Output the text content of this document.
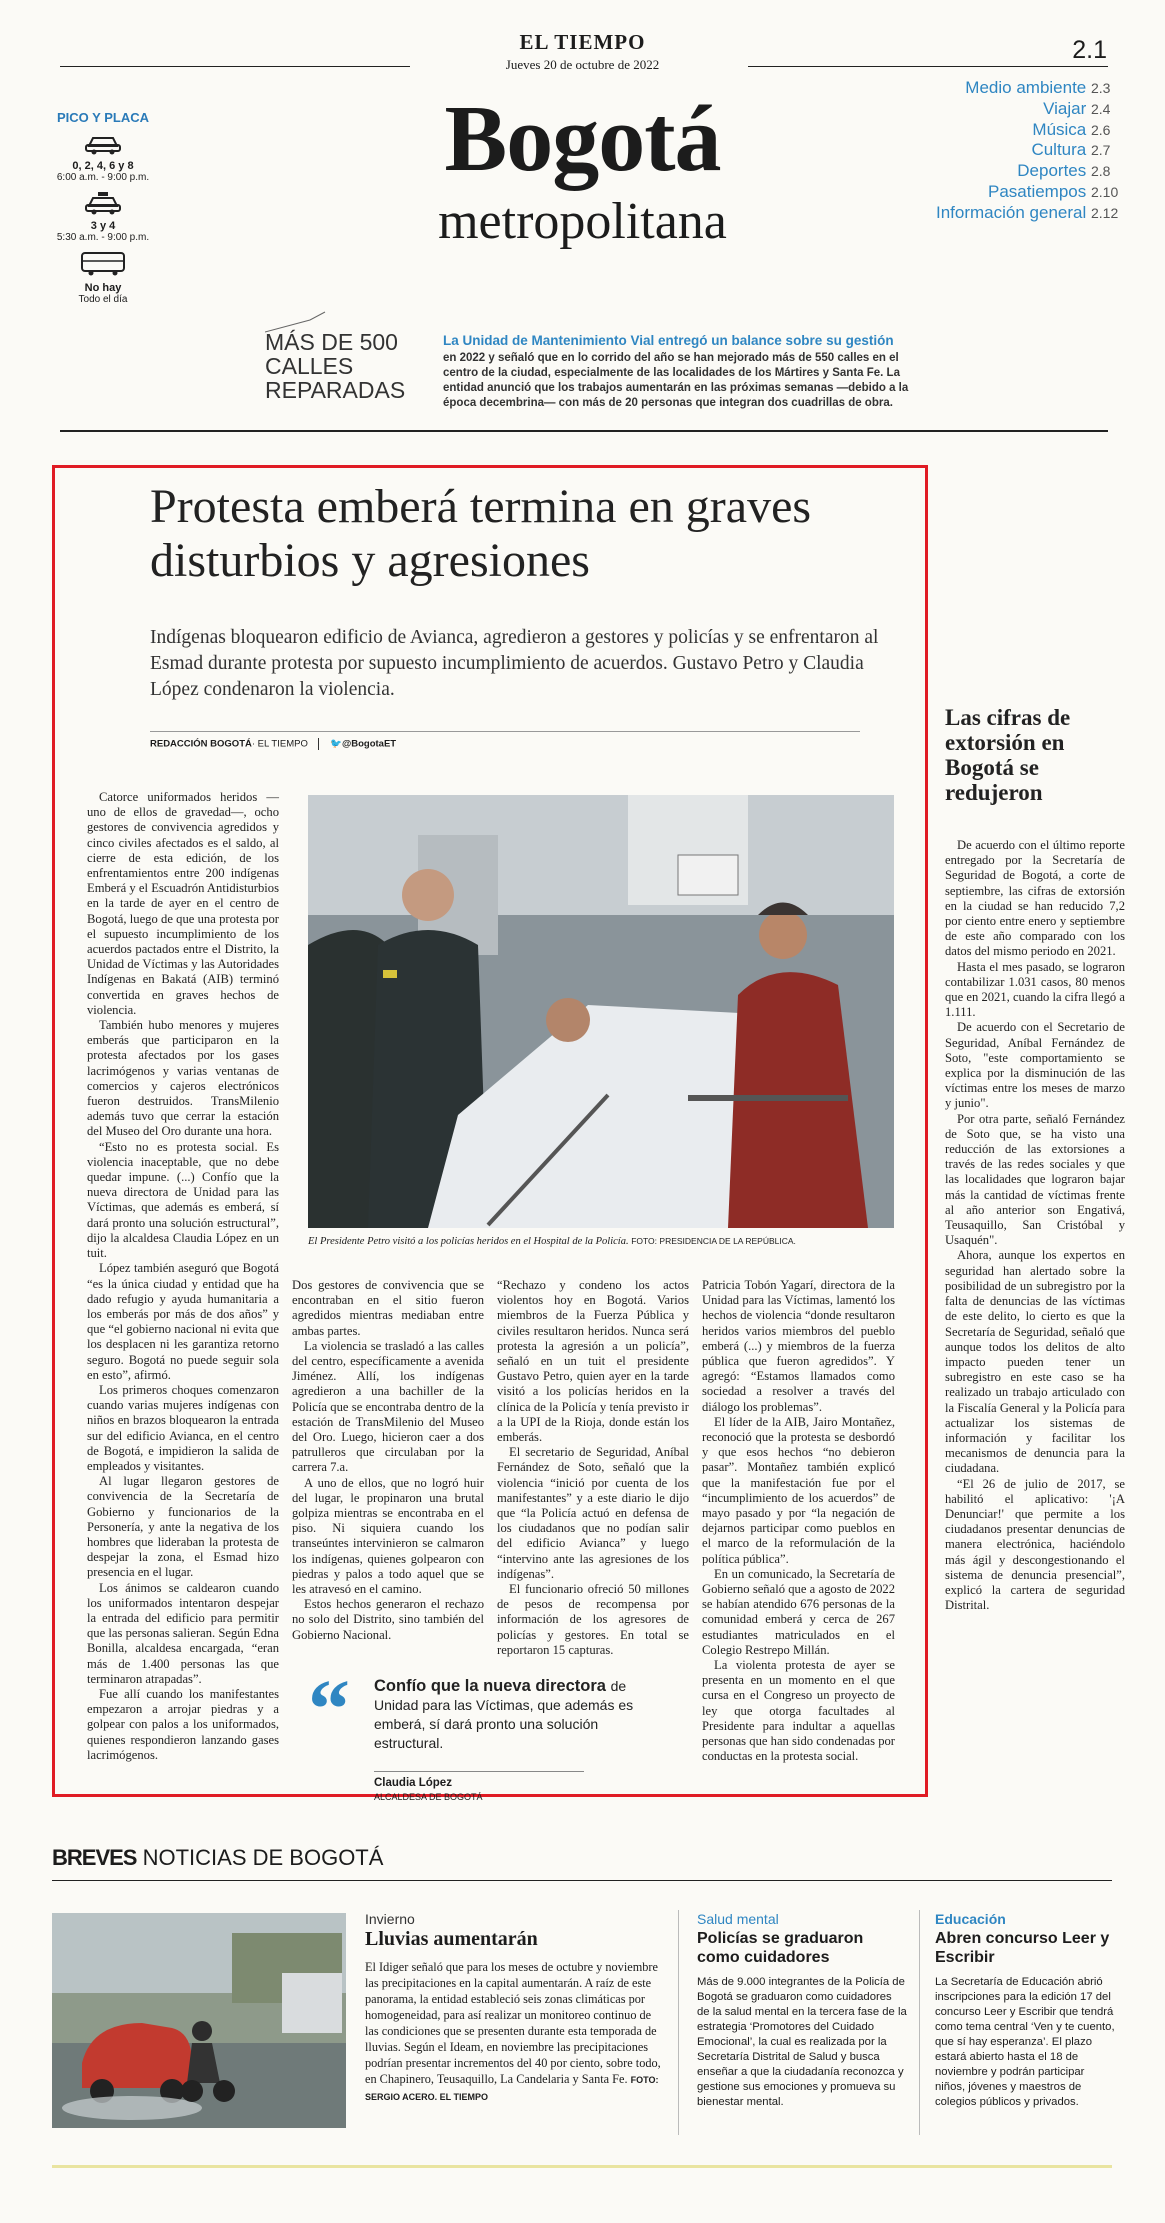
EL TIEMPO
Jueves 20 de octubre de 2022
2.1
Bogotá
metropolitana
PICO Y PLACA
0, 2, 4, 6 y 8
6:00 a.m. - 9:00 p.m.
3 y 4
5:30 a.m. - 9:00 p.m.
No hay
Todo el día
Medio ambiente 2.3
Viajar 2.4
Música 2.6
Cultura 2.7
Deportes 2.8
Pasatiempos 2.10
Información general 2.12
MÁS DE 500
CALLES
REPARADAS
La Unidad de Mantenimiento Vial entregó un balance sobre su gestión
en 2022 y señaló que en lo corrido del año se han mejorado más de 550 calles en el centro de la ciudad, especialmente de las localidades de los Mártires y Santa Fe. La entidad anunció que los trabajos aumentarán en las próximas semanas —debido a la época decembrina— con más de 20 personas que integran dos cuadrillas de obra.
Protesta emberá termina en graves disturbios y agresiones
Indígenas bloquearon edificio de Avianca, agredieron a gestores y policías y se enfrentaron al Esmad durante protesta por supuesto incumplimiento de acuerdos. Gustavo Petro y Claudia López condenaron la violencia.
REDACCIÓN BOGOTÁ· EL TIEMPO 🐦@BogotaET

Catorce uniformados heridos —uno de ellos de gravedad—, ocho gestores de convivencia agredidos y cinco civiles afectados es el saldo, al cierre de esta edición, de los enfrentamientos entre 200 indígenas Emberá y el Escuadrón Antidisturbios en la tarde de ayer en el centro de Bogotá, luego de que una protesta por el supuesto incumplimiento de los acuerdos pactados entre el Distrito, la Unidad de Víctimas y las Autoridades Indígenas en Bakatá (AIB) terminó convertida en graves hechos de violencia.

También hubo menores y mujeres emberás que participaron en la protesta afectados por los gases lacrimógenos y varias ventanas de comercios y cajeros electrónicos fueron destruidos. TransMilenio además tuvo que cerrar la estación del Museo del Oro durante una hora.

“Esto no es protesta social. Es violencia inaceptable, que no debe quedar impune. (...) Confío que la nueva directora de Unidad para las Víctimas, que además es emberá, sí dará pronto una solución estructural”, dijo la alcaldesa Claudia López en un tuit.

López también aseguró que Bogotá “es la única ciudad y entidad que ha dado refugio y ayuda humanitaria a los emberás por más de dos años” y que “el gobierno nacional ni evita que los desplacen ni les garantiza retorno seguro. Bogotá no puede seguir sola en esto”, afirmó.

Los primeros choques comenzaron cuando varias mujeres indígenas con niños en brazos bloquearon la entrada sur del edificio Avianca, en el centro de Bogotá, e impidieron la salida de empleados y visitantes.

Al lugar llegaron gestores de convivencia de la Secretaría de Gobierno y funcionarios de la Personería, y ante la negativa de los hombres que lideraban la protesta de despejar la zona, el Esmad hizo presencia en el lugar.

Los ánimos se caldearon cuando los uniformados intentaron despejar la entrada del edificio para permitir que las personas salieran. Según Edna Bonilla, alcaldesa encargada, “eran más de 1.400 personas las que terminaron atrapadas”.

Fue allí cuando los manifestantes empezaron a arrojar piedras y a golpear con palos a los uniformados, quienes respondieron lanzando gases lacrimógenos.

El Presidente Petro visitó a los policías heridos en el Hospital de la Policía. FOTO: PRESIDENCIA DE LA REPÚBLICA.

Dos gestores de convivencia que se encontraban en el sitio fueron agredidos mientras mediaban entre ambas partes.

La violencia se trasladó a las calles del centro, específicamente a avenida Jiménez. Allí, los indígenas agredieron a una bachiller de la Policía que se encontraba dentro de la estación de TransMilenio del Museo del Oro. Luego, hicieron caer a dos patrulleros que circulaban por la carrera 7.a.

A uno de ellos, que no logró huir del lugar, le propinaron una brutal golpiza mientras se encontraba en el piso. Ni siquiera cuando los transeúntes intervinieron se calmaron los indígenas, quienes golpearon con piedras y palos a todo aquel que se les atravesó en el camino.

Estos hechos generaron el rechazo no solo del Distrito, sino también del Gobierno Nacional.

“Rechazo y condeno los actos violentos hoy en Bogotá. Varios miembros de la Fuerza Pública y civiles resultaron heridos. Nunca será protesta la agresión a un policía”, señaló en un tuit el presidente Gustavo Petro, quien ayer en la tarde visitó a los policías heridos en la clínica de la Policía y tenía previsto ir a la UPI de la Rioja, donde están los emberás.

El secretario de Seguridad, Aníbal Fernández de Soto, señaló que la violencia “inició por cuenta de los manifestantes” y a este diario le dijo que “la Policía actuó en defensa de los ciudadanos que no podían salir del edificio Avianca” y luego “intervino ante las agresiones de los indígenas”.

El funcionario ofreció 50 millones de pesos de recompensa por información de los agresores de policías y gestores. En total se reportaron 15 capturas.

Patricia Tobón Yagarí, directora de la Unidad para las Víctimas, lamentó los hechos de violencia “donde resultaron heridos varios miembros del pueblo emberá (...) y miembros de la fuerza pública que fueron agredidos”. Y agregó: “Estamos llamados como sociedad a resolver a través del diálogo los problemas”.

El líder de la AIB, Jairo Montañez, reconoció que la protesta se desbordó y que esos hechos “no debieron pasar”. Montañez también explicó que la manifestación fue por el “incumplimiento de los acuerdos” de mayo pasado y por “la negación de dejarnos participar como pueblos en el marco de la reformulación de la política pública”.

En un comunicado, la Secretaría de Gobierno señaló que a agosto de 2022 se habían atendido 676 personas de la comunidad emberá y cerca de 267 estudiantes matriculados en el Colegio Restrepo Millán.

La violenta protesta de ayer se presenta en un momento en el que cursa en el Congreso un proyecto de ley que otorga facultades al Presidente para indultar a aquellas personas que han sido condenadas por conductas en la protesta social.

“ Confío que la nueva directora de Unidad para las Víctimas, que además es emberá, sí dará pronto una solución estructural.
Claudia López
ALCALDESA DE BOGOTÁ
Las cifras de extorsión en Bogotá se redujeron

De acuerdo con el último reporte entregado por la Secretaría de Seguridad de Bogotá, a corte de septiembre, las cifras de extorsión en la ciudad se han reducido 7,2 por ciento entre enero y septiembre de este año comparado con los datos del mismo periodo en 2021.

Hasta el mes pasado, se lograron contabilizar 1.031 casos, 80 menos que en 2021, cuando la cifra llegó a 1.111.

De acuerdo con el Secretario de Seguridad, Aníbal Fernández de Soto, "este comportamiento se explica por la disminución de las víctimas entre los meses de marzo y junio".

Por otra parte, señaló Fernández de Soto que, se ha visto una reducción de las extorsiones a través de las redes sociales y que las localidades que lograron bajar más la cantidad de víctimas frente al año anterior son Engativá, Teusaquillo, San Cristóbal y Usaquén".

Ahora, aunque los expertos en seguridad han alertado sobre la posibilidad de un subregistro por la falta de denuncias de las víctimas de este delito, lo cierto es que la Secretaría de Seguridad, señaló que aunque todos los delitos de alto impacto pueden tener un subregistro en este caso se ha realizado un trabajo articulado con la Fiscalía General y la Policía para actualizar los sistemas de información y facilitar los mecanismos de denuncia para la ciudadana.

“El 26 de julio de 2017, se habilitó el aplicativo: '¡A Denunciar!' que permite a los ciudadanos presentar denuncias de manera electrónica, haciéndolo más ágil y descongestionando el sistema de denuncia presencial”, explicó la cartera de seguridad Distrital.

BREVES NOTICIAS DE BOGOTÁ
Invierno
Lluvias aumentarán
El Idiger señaló que para los meses de octubre y noviembre las precipitaciones en la capital aumentarán. A raíz de este panorama, la entidad estableció seis zonas climáticas por homogeneidad, para así realizar un monitoreo continuo de las condiciones que se presenten durante esta temporada de lluvias. Según el Ideam, en noviembre las precipitaciones podrían presentar incrementos del 40 por ciento, sobre todo, en Chapinero, Teusaquillo, La Candelaria y Santa Fe. FOTO: SERGIO ACERO. EL TIEMPO
Salud mental
Policías se graduaron como cuidadores
Más de 9.000 integrantes de la Policía de Bogotá se graduaron como cuidadores de la salud mental en la tercera fase de la estrategia ‘Promotores del Cuidado Emocional’, la cual es realizada por la Secretaría Distrital de Salud y busca enseñar a que la ciudadanía reconozca y gestione sus emociones y promueva su bienestar mental.
Educación
Abren concurso Leer y Escribir
La Secretaría de Educación abrió inscripciones para la edición 17 del concurso Leer y Escribir que tendrá como tema central ‘Ven y te cuento, que sí hay esperanza’. El plazo estará abierto hasta el 18 de noviembre y podrán participar niños, jóvenes y maestros de colegios públicos y privados.
